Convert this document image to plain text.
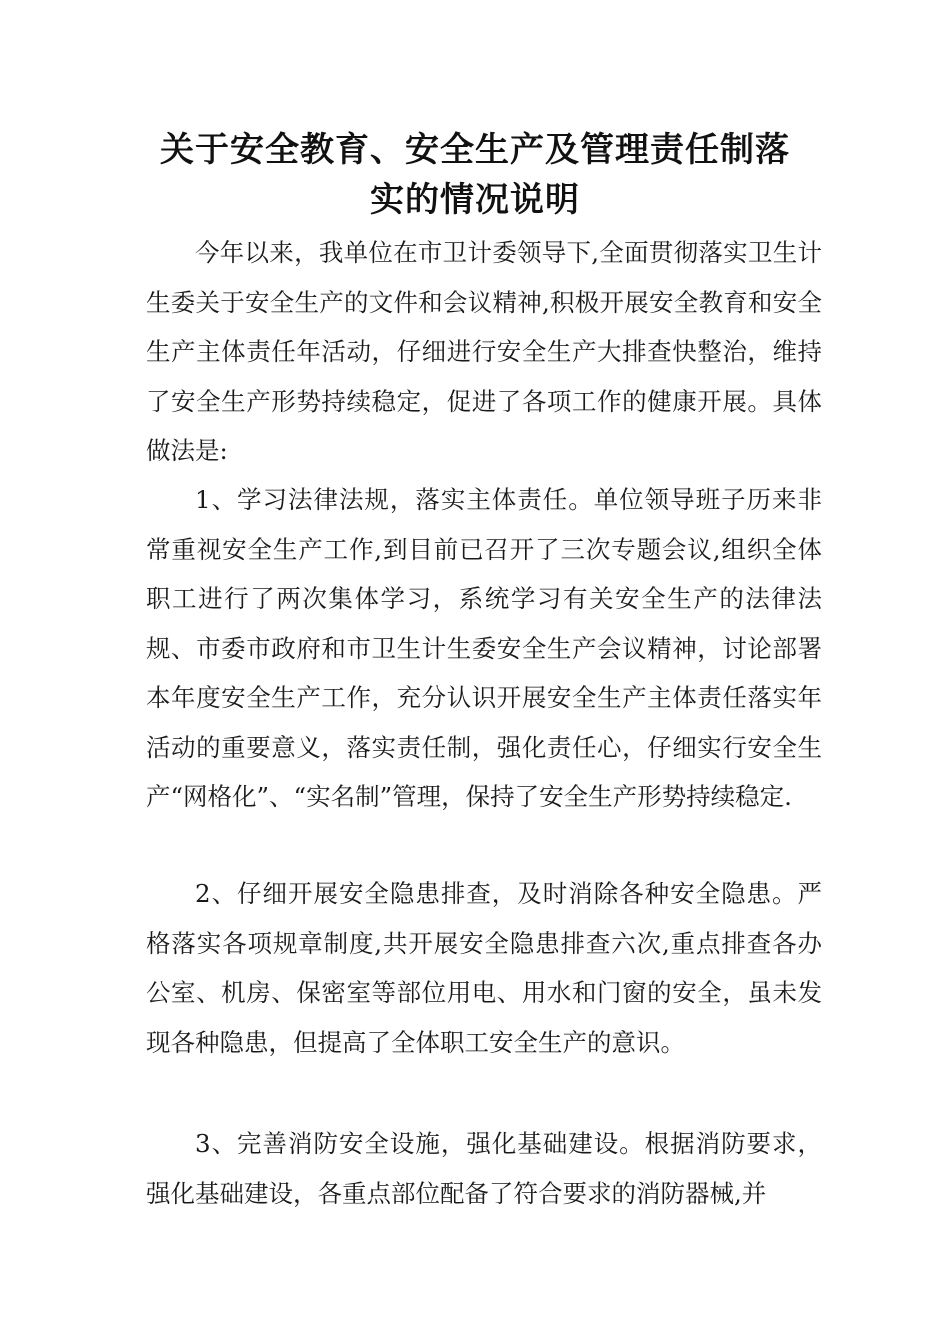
关于安全教育、安全生产及管理责任制落
实的情况说明

今年以来，我单位在市卫计委领导下,全面贯彻落实卫生计生委关于安全生产的文件和会议精神,积极开展安全教育和安全生产主体责任年活动，仔细进行安全生产大排查快整治，维持了安全生产形势持续稳定，促进了各项工作的健康开展。具体做法是:

1、学习法律法规，落实主体责任。单位领导班子历来非常重视安全生产工作,到目前已召开了三次专题会议,组织全体职工进行了两次集体学习，系统学习有关安全生产的法律法规、市委市政府和市卫生计生委安全生产会议精神，讨论部署本年度安全生产工作，充分认识开展安全生产主体责任落实年活动的重要意义，落实责任制，强化责任心，仔细实行安全生产“网格化”、“实名制”管理，保持了安全生产形势持续稳定.

2、仔细开展安全隐患排查，及时消除各种安全隐患。严格落实各项规章制度,共开展安全隐患排查六次,重点排查各办公室、机房、保密室等部位用电、用水和门窗的安全，虽未发现各种隐患，但提高了全体职工安全生产的意识。

3、完善消防安全设施，强化基础建设。根据消防要求，强化基础建设，各重点部位配备了符合要求的消防器械,并
